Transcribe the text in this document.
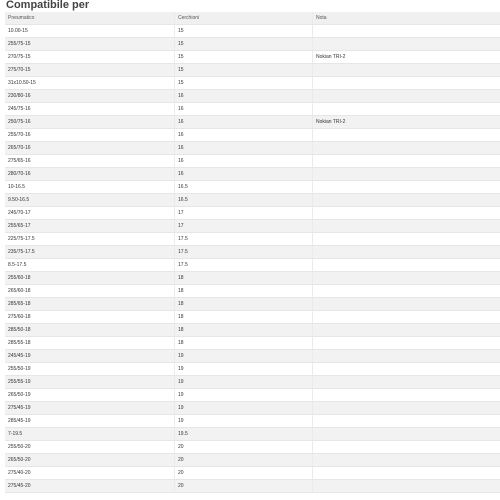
Compatibile per
Pneumatico	Cerchioni	Nota
10.00-15	15	
255/75-15	15	
270/75-15	15	Nokian TRI-2
275/70-15	15	
31x10.50-15	15	
230/80-16	16	
245/75-16	16	
250/75-16	16	Nokian TRI-2
255/70-16	16	
265/70-16	16	
275/65-16	16	
280/70-16	16	
10-16.5	16.5	
9.50-16.5	16.5	
245/70-17	17	
255/65-17	17	
225/75-17.5	17.5	
235/75-17.5	17.5	
8.5-17.5	17.5	
255/60-18	18	
265/60-18	18	
285/65-18	18	
275/60-18	18	
285/50-18	18	
285/55-18	18	
245/45-19	19	
255/50-19	19	
255/55-19	19	
265/50-19	19	
275/45-19	19	
285/45-19	19	
7-19.5	19.5	
255/50-20	20	
265/50-20	20	
275/40-20	20	
275/45-20	20	
